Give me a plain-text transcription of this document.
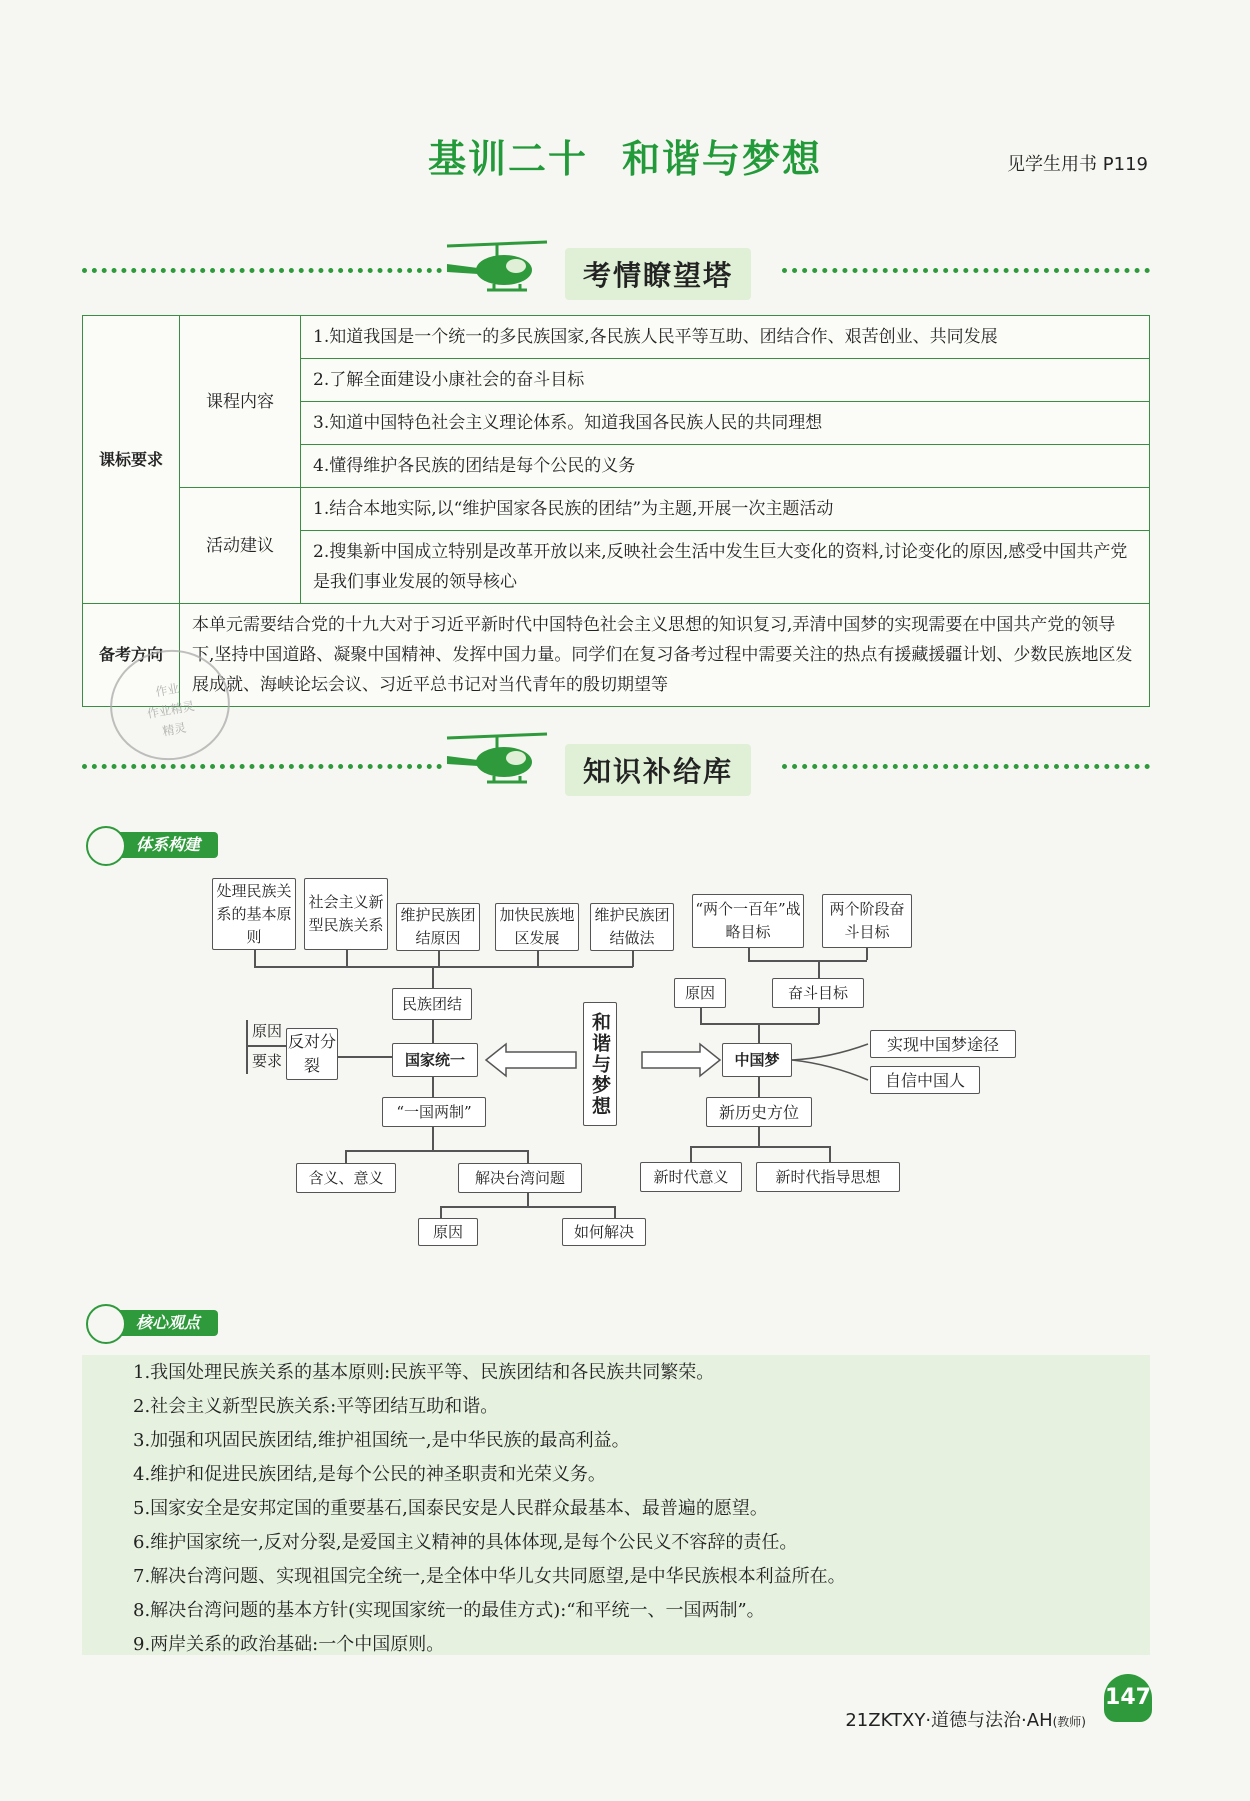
基训二十 和谐与梦想	见学生用书 P119
考情瞭望塔
课标要求	课程内容	1.知道我国是一个统一的多民族国家,各民族人民平等互助、团结合作、艰苦创业、共同发展
		2.了解全面建设小康社会的奋斗目标
		3.知道中国特色社会主义理论体系。知道我国各民族人民的共同理想
		4.懂得维护各民族的团结是每个公民的义务
	活动建议	1.结合本地实际,以“维护国家各民族的团结”为主题,开展一次主题活动
		2.搜集新中国成立特别是改革开放以来,反映社会生活中发生巨大变化的资料,讨论变化的原因,感受中国共产党是我们事业发展的领导核心
备考方向	本单元需要结合党的十九大对于习近平新时代中国特色社会主义思想的知识复习,弄清中国梦的实现需要在中国共产党的领导下,坚持中国道路、凝聚中国精神、发挥中国力量。同学们在复习备考过程中需要关注的热点有援藏援疆计划、少数民族地区发展成就、海峡论坛会议、习近平总书记对当代青年的殷切期望等	
作业
作业精灵
精灵
知识补给库
体系构建
处理民族关系的基本原则
社会主义新型民族关系
维护民族团结原因
加快民族地区发展
维护民族团结做法
民族团结
和谐与梦想
原因
要求
反对分裂	国家统一
“一国两制”
含义、意义	解决台湾问题
原因	如何解决
“两个一百年”战略目标
两个阶段奋斗目标
原因	奋斗目标
中国梦
实现中国梦途径
自信中国人
新历史方位
新时代意义	新时代指导思想
核心观点
1.我国处理民族关系的基本原则:民族平等、民族团结和各民族共同繁荣。
2.社会主义新型民族关系:平等团结互助和谐。
3.加强和巩固民族团结,维护祖国统一,是中华民族的最高利益。
4.维护和促进民族团结,是每个公民的神圣职责和光荣义务。
5.国家安全是安邦定国的重要基石,国泰民安是人民群众最基本、最普遍的愿望。
6.维护国家统一,反对分裂,是爱国主义精神的具体体现,是每个公民义不容辞的责任。
7.解决台湾问题、实现祖国完全统一,是全体中华儿女共同愿望,是中华民族根本利益所在。
8.解决台湾问题的基本方针(实现国家统一的最佳方式):“和平统一、一国两制”。
9.两岸关系的政治基础:一个中国原则。
21ZKTXY·道德与法治·AH(教师)
147
